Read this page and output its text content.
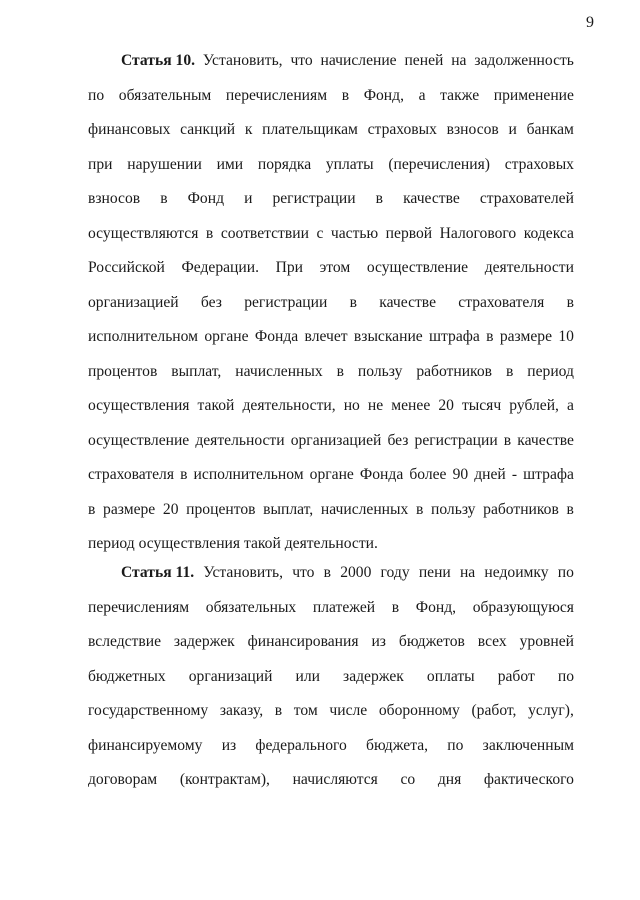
9
Статья 10. Установить, что начисление пеней на задолженность
по обязательным перечислениям в Фонд, а также применение
финансовых санкций к плательщикам страховых взносов и банкам
при нарушении ими порядка уплаты (перечисления) страховых
взносов в Фонд и регистрации в качестве страхователей
осуществляются в соответствии с частью первой Налогового кодекса
Российской Федерации. При этом осуществление деятельности
организацией без регистрации в качестве страхователя в
исполнительном органе Фонда влечет взыскание штрафа в размере 10
процентов выплат, начисленных в пользу работников в период
осуществления такой деятельности, но не менее 20 тысяч рублей, а
осуществление деятельности организацией без регистрации в качестве
страхователя в исполнительном органе Фонда более 90 дней - штрафа
в размере 20 процентов выплат, начисленных в пользу работников в
период осуществления такой деятельности.
Статья 11. Установить, что в 2000 году пени на недоимку по
перечислениям обязательных платежей в Фонд, образующуюся
вследствие задержек финансирования из бюджетов всех уровней
бюджетных организаций или задержек оплаты работ по
государственному заказу, в том числе оборонному (работ, услуг),
финансируемому из федерального бюджета, по заключенным
договорам (контрактам), начисляются со дня фактического
